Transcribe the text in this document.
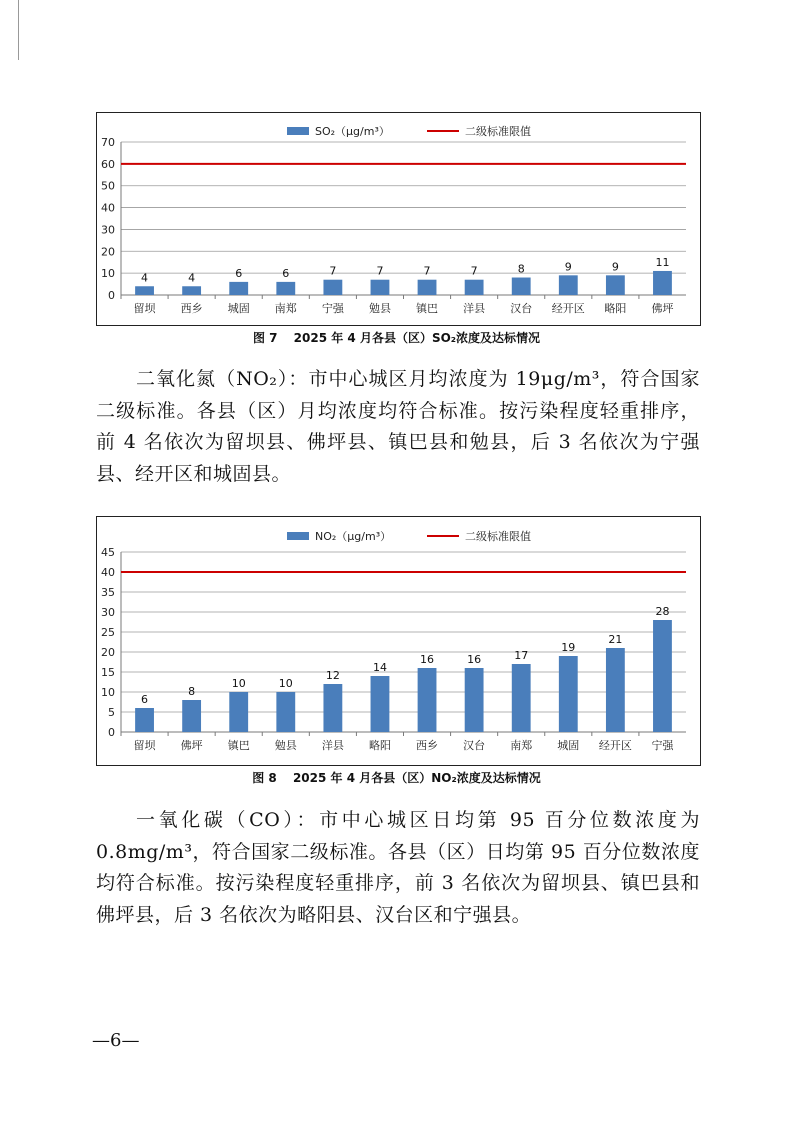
SO₂（μg/m³）	二级标准限值
0
10
20
30
40
50
60
70
4
留坝
4
西乡
6
城固
6
南郑
7
宁强
7
勉县
7
镇巴
7
洋县
8
汉台
9
经开区
9
略阳
11
佛坪
图 7　 2025 年 4 月各县（区）SO₂浓度及达标情况

二氧化氮（NO₂）：市中心城区月均浓度为 19μg/m³，符合国家二级标准。各县（区）月均浓度均符合标准。按污染程度轻重排序，前 4 名依次为留坝县、佛坪县、镇巴县和勉县，后 3 名依次为宁强县、经开区和城固县。

NO₂（μg/m³）	二级标准限值
0
5
10
15
20
25
30
35
40
45
6
留坝
8
佛坪
10
镇巴
10
勉县
12
洋县
14
略阳
16
西乡
16
汉台
17
南郑
19
城固
21
经开区
28
宁强
图 8　 2025 年 4 月各县（区）NO₂浓度及达标情况

一氧化碳（CO）：市中心城区日均第 95 百分位数浓度为 0.8mg/m³，符合国家二级标准。各县（区）日均第 95 百分位数浓度均符合标准。按污染程度轻重排序，前 3 名依次为留坝县、镇巴县和佛坪县，后 3 名依次为略阳县、汉台区和宁强县。

—6—
